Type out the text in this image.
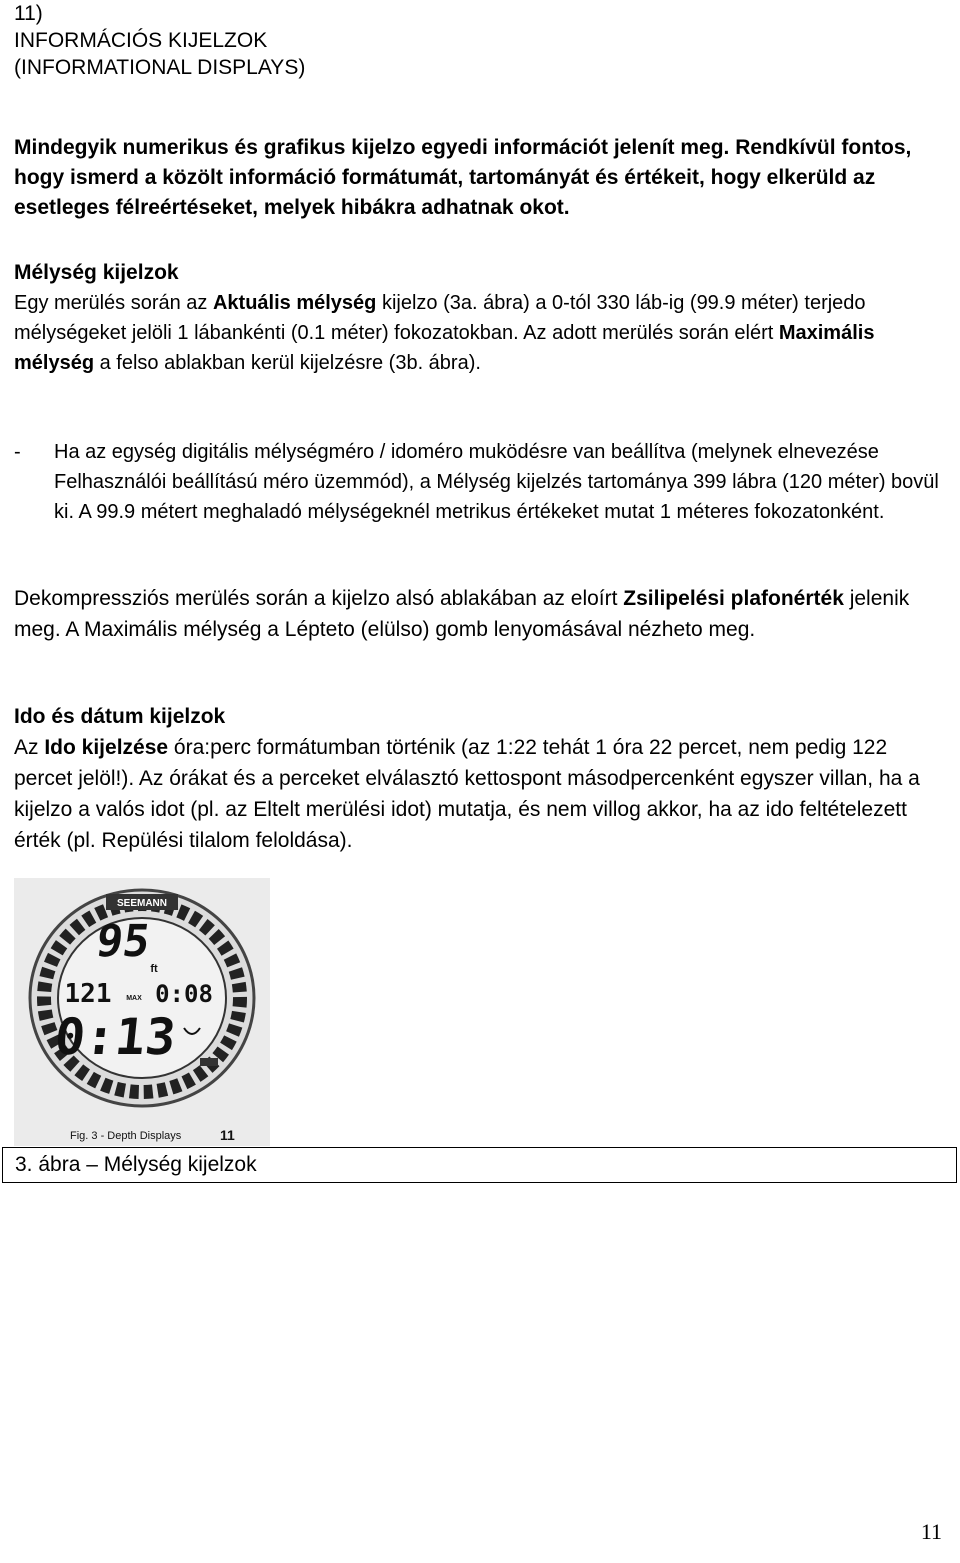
11)
INFORMÁCIÓS KIJELZOK
(INFORMATIONAL DISPLAYS)

Mindegyik numerikus és grafikus kijelzo egyedi információt jelenít meg. Rendkívül fontos, hogy ismerd a közölt információ formátumát, tartományát és értékeit, hogy elkerüld az esetleges félreértéseket, melyek hibákra adhatnak okot.

Mélység kijelzok
Egy merülés során az Aktuális mélység kijelzo (3a. ábra) a 0-tól 330 láb-ig (99.9 méter) terjedo mélységeket jelöli 1 lábankénti (0.1 méter) fokozatokban. Az adott merülés során elért Maximális mélység a felso ablakban kerül kijelzésre (3b. ábra).
- Ha az egység digitális mélységméro / idoméro muködésre van beállítva (melynek elnevezése Felhasználói beállítású méro üzemmód), a Mélység kijelzés tartománya 399 lábra (120 méter) bovül ki. A 99.9 métert meghaladó mélységeknél metrikus értékeket mutat 1 méteres fokozatonként.
Dekompressziós merülés során a kijelzo alsó ablakában az eloírt Zsilipelési plafonérték jelenik meg. A Maximális mélység a Lépteto (elülso) gomb lenyomásával nézheto meg.
Ido és dátum kijelzok
Az Ido kijelzése óra:perc formátumban történik (az 1:22 tehát 1 óra 22 percet, nem pedig 122 percet jelöl!). Az órákat és a perceket elválasztó kettospont másodpercenként egyszer villan, ha a kijelzo a valós idot (pl. az Eltelt merülési idot) mutatja, és nem villog akkor, ha az ido feltételezett érték (pl. Repülési tilalom feloldása).
SEEMANN
95
ft
121 MAX 0:08
0:13
Fig. 3 - Depth Displays	11
3. ábra – Mélység kijelzok
11
